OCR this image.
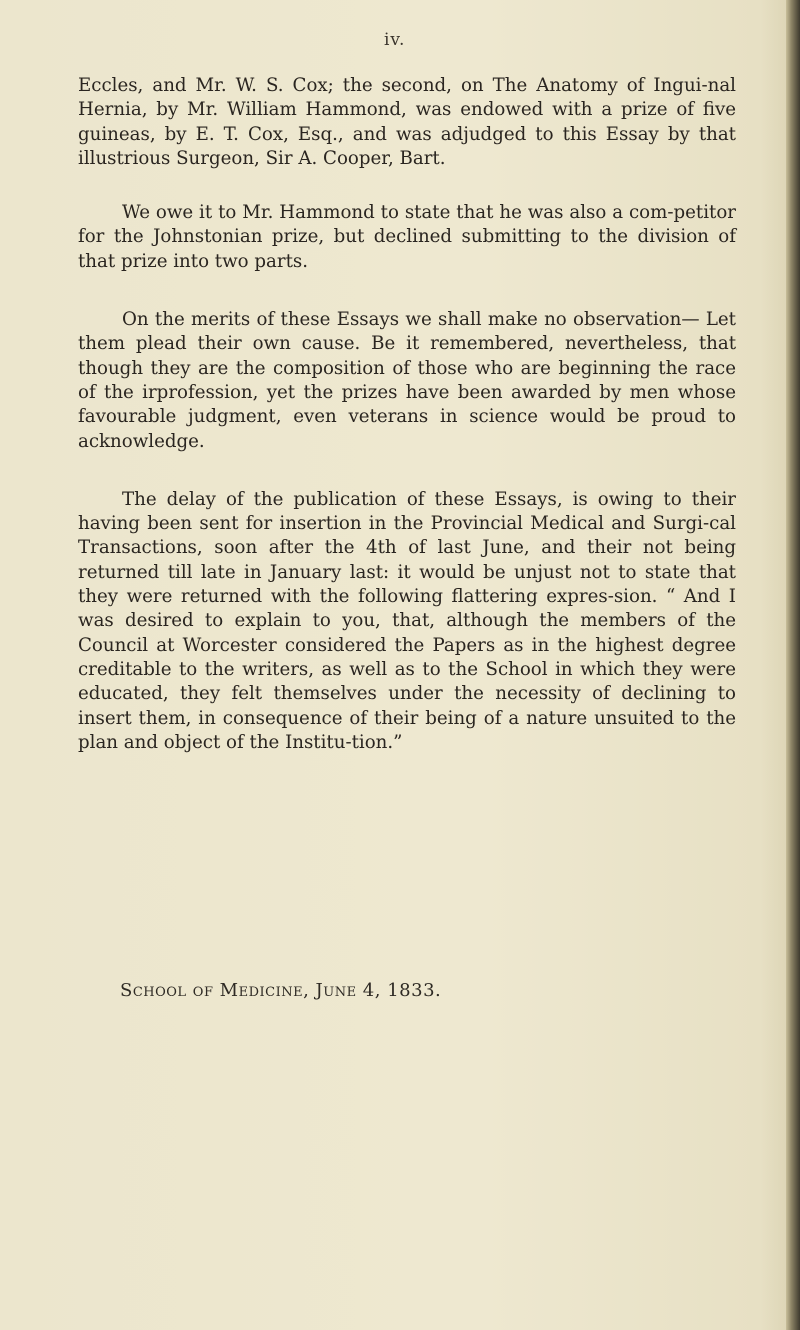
iv.

Eccles, and Mr. W. S. Cox; the second, on The Anatomy of Ingui-nal Hernia, by Mr. William Hammond, was endowed with a prize of five guineas, by E. T. Cox, Esq., and was adjudged to this Essay by that illustrious Surgeon, Sir A. Cooper, Bart.

We owe it to Mr. Hammond to state that he was also a com-petitor for the Johnstonian prize, but declined submitting to the division of that prize into two parts.

On the merits of these Essays we shall make no observation— Let them plead their own cause. Be it remembered, nevertheless, that though they are the composition of those who are beginning the race of the irprofession, yet the prizes have been awarded by men whose favourable judgment, even veterans in science would be proud to acknowledge.

The delay of the publication of these Essays, is owing to their having been sent for insertion in the Provincial Medical and Surgi-cal Transactions, soon after the 4th of last June, and their not being returned till late in January last: it would be unjust not to state that they were returned with the following flattering expres-sion. “ And I was desired to explain to you, that, although the members of the Council at Worcester considered the Papers as in the highest degree creditable to the writers, as well as to the School in which they were educated, they felt themselves under the necessity of declining to insert them, in consequence of their being of a nature unsuited to the plan and object of the Institu-tion.”

School of Medicine, June 4, 1833.
